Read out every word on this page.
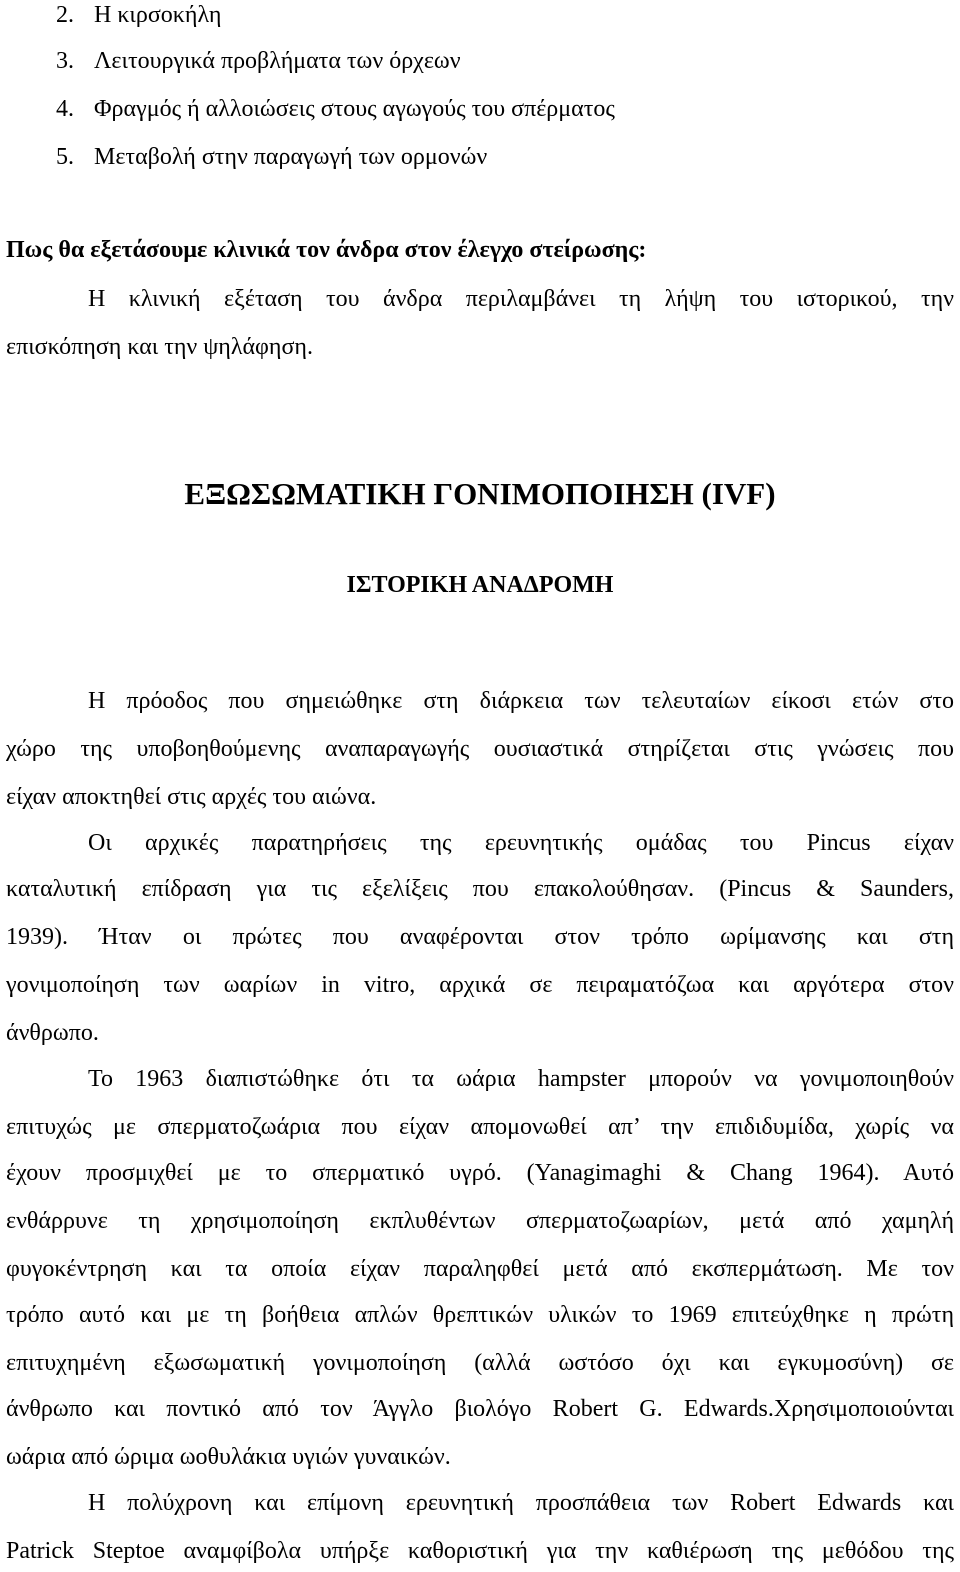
2. Η κιρσοκήλη
3. Λειτουργικά προβλήματα των όρχεων
4. Φραγμός ή αλλοιώσεις στους αγωγούς του σπέρματος
5. Μεταβολή στην παραγωγή των ορμονών
Πως θα εξετάσουμε κλινικά τον άνδρα στον έλεγχο στείρωσης:
Η κλινική εξέταση του άνδρα περιλαμβάνει τη λήψη του ιστορικού, την
επισκόπηση και την ψηλάφηση.
ΕΞΩΣΩΜΑΤΙΚΗ ΓΟΝΙΜΟΠΟΙΗΣΗ (IVF)
ΙΣΤΟΡΙΚΗ ΑΝΑΔΡΟΜΗ
Η πρόοδος που σημειώθηκε στη διάρκεια των τελευταίων είκοσι ετών στο
χώρο της υποβοηθούμενης αναπαραγωγής ουσιαστικά στηρίζεται στις γνώσεις που
είχαν αποκτηθεί στις αρχές του αιώνα.
Οι αρχικές παρατηρήσεις της ερευνητικής ομάδας του Pincus είχαν
καταλυτική επίδραση για τις εξελίξεις που επακολούθησαν. (Pincus & Saunders,
1939). Ήταν οι πρώτες που αναφέρονται στον τρόπο ωρίμανσης και στη
γονιμοποίηση των ωαρίων in vitro, αρχικά σε πειραματόζωα και αργότερα στον
άνθρωπο.
Το 1963 διαπιστώθηκε ότι τα ωάρια hampster μπορούν να γονιμοποιηθούν
επιτυχώς με σπερματοζωάρια που είχαν απομονωθεί απ’ την επιδιδυμίδα, χωρίς να
έχουν προσμιχθεί με το σπερματικό υγρό. (Yanagimaghi & Chang 1964). Αυτό
ενθάρρυνε τη χρησιμοποίηση εκπλυθέντων σπερματοζωαρίων, μετά από χαμηλή
φυγοκέντρηση και τα οποία είχαν παραληφθεί μετά από εκσπερμάτωση. Με τον
τρόπο αυτό και με τη βοήθεια απλών θρεπτικών υλικών το 1969 επιτεύχθηκε η πρώτη
επιτυχημένη εξωσωματική γονιμοποίηση (αλλά ωστόσο όχι και εγκυμοσύνη) σε
άνθρωπο και ποντικό από τον Άγγλο βιολόγο Robert G. Edwards.Χρησιμοποιούνται
ωάρια από ώριμα ωοθυλάκια υγιών γυναικών.
Η πολύχρονη και επίμονη ερευνητική προσπάθεια των Robert Edwards και
Patrick Steptoe αναμφίβολα υπήρξε καθοριστική για την καθιέρωση της μεθόδου της
